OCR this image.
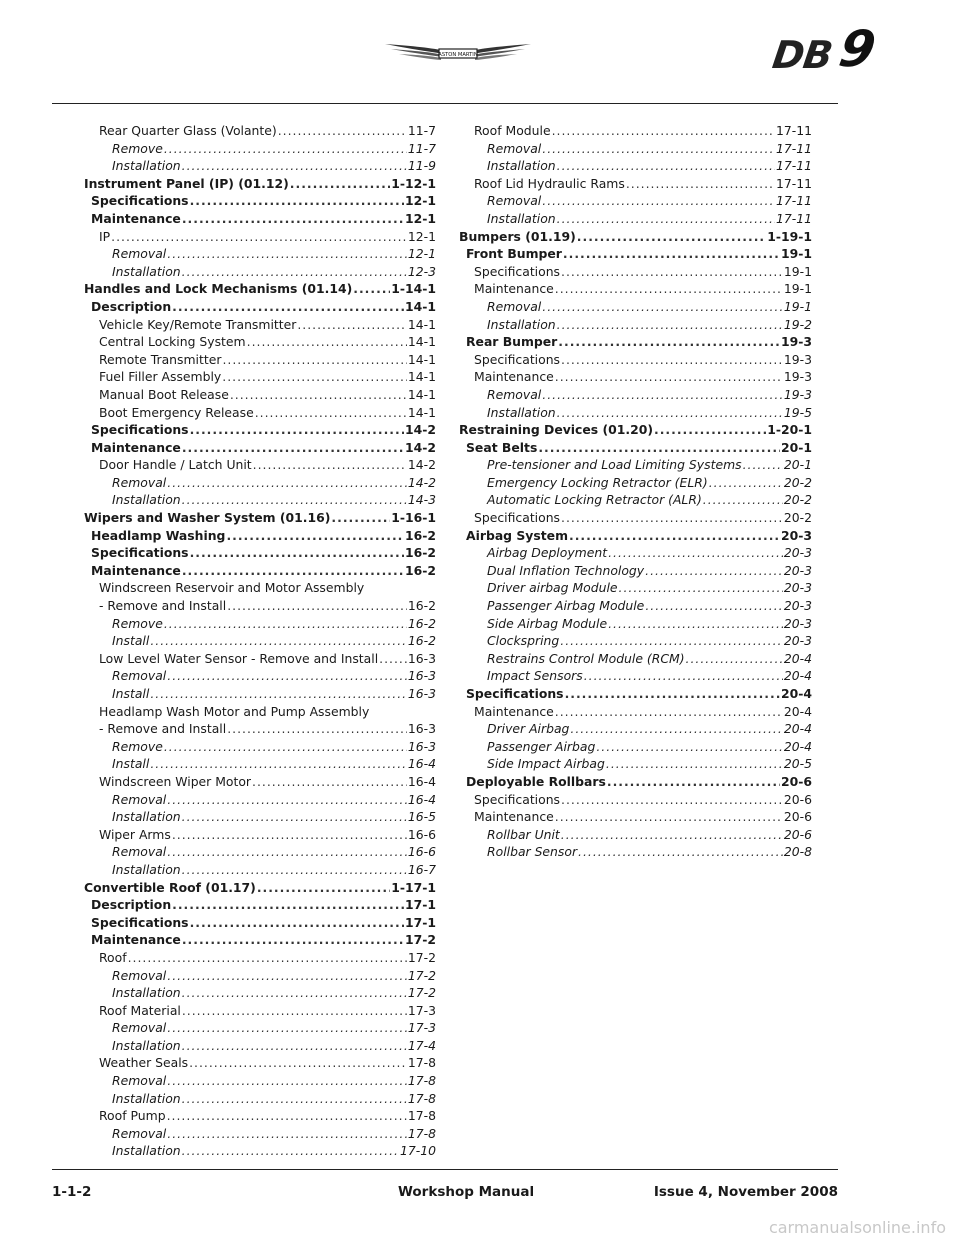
ASTON MARTIN	DB 9
Rear Quarter Glass (Volante) .....	11-7
Remove .....	11-7
Installation .....	11-9
Instrument Panel (IP) (01.12) .....	1-12-1
Specifications .....	12-1
Maintenance .....	12-1
IP .....	12-1
Removal .....	12-1
Installation .....	12-3
Handles and Lock Mechanisms (01.14) .....	1-14-1
Description .....	14-1
Vehicle Key/Remote Transmitter .....	14-1
Central Locking System .....	14-1
Remote Transmitter .....	14-1
Fuel Filler Assembly .....	14-1
Manual Boot Release .....	14-1
Boot Emergency Release .....	14-1
Specifications .....	14-2
Maintenance .....	14-2
Door Handle / Latch Unit .....	14-2
Removal .....	14-2
Installation .....	14-3
Wipers and Washer System (01.16) .....	1-16-1
Headlamp Washing .....	16-2
Specifications .....	16-2
Maintenance .....	16-2
Windscreen Reservoir and Motor Assembly
- Remove and Install .....	16-2
Remove .....	16-2
Install .....	16-2
Low Level Water Sensor - Remove and Install ..... 16-3
Removal .....	16-3
Install .....	16-3
Headlamp Wash Motor and Pump Assembly
- Remove and Install .....	16-3
Remove .....	16-3
Install .....	16-4
Windscreen Wiper Motor .....	16-4
Removal .....	16-4
Installation .....	16-5
Wiper Arms .....	16-6
Removal .....	16-6
Installation .....	16-7
Convertible Roof (01.17) .....	1-17-1
Description .....	17-1
Specifications .....	17-1
Maintenance .....	17-2
Roof .....	17-2
Removal .....	17-2
Installation .....	17-2
Roof Material .....	17-3
Removal .....	17-3
Installation .....	17-4
Weather Seals .....	17-8
Removal .....	17-8
Installation .....	17-8
Roof Pump .....	17-8
Removal .....	17-8
Installation .....	17-10
Roof Module .....	17-11
Removal .....	17-11
Installation .....	17-11
Roof Lid Hydraulic Rams .....	17-11
Removal .....	17-11
Installation .....	17-11
Bumpers (01.19) .....	1-19-1
Front Bumper .....	19-1
Specifications .....	19-1
Maintenance .....	19-1
Removal .....	19-1
Installation .....	19-2
Rear Bumper .....	19-3
Specifications .....	19-3
Maintenance .....	19-3
Removal .....	19-3
Installation .....	19-5
Restraining Devices (01.20) .....	1-20-1
Seat Belts .....	20-1
Pre-tensioner and Load Limiting Systems .....	20-1
Emergency Locking Retractor (ELR) .....	20-2
Automatic Locking Retractor (ALR) .....	20-2
Specifications .....	20-2
Airbag System .....	20-3
Airbag Deployment .....	20-3
Dual Inflation Technology .....	20-3
Driver airbag Module .....	20-3
Passenger Airbag Module .....	20-3
Side Airbag Module .....	20-3
Clockspring .....	20-3
Restrains Control Module (RCM) .....	20-4
Impact Sensors .....	20-4
Specifications .....	20-4
Maintenance .....	20-4
Driver Airbag .....	20-4
Passenger Airbag .....	20-4
Side Impact Airbag .....	20-5
Deployable Rollbars .....	20-6
Specifications .....	20-6
Maintenance .....	20-6
Rollbar Unit .....	20-6
Rollbar Sensor .....	20-8
1-1-2	Workshop Manual	Issue 4, November 2008
carmanualsonline.info
